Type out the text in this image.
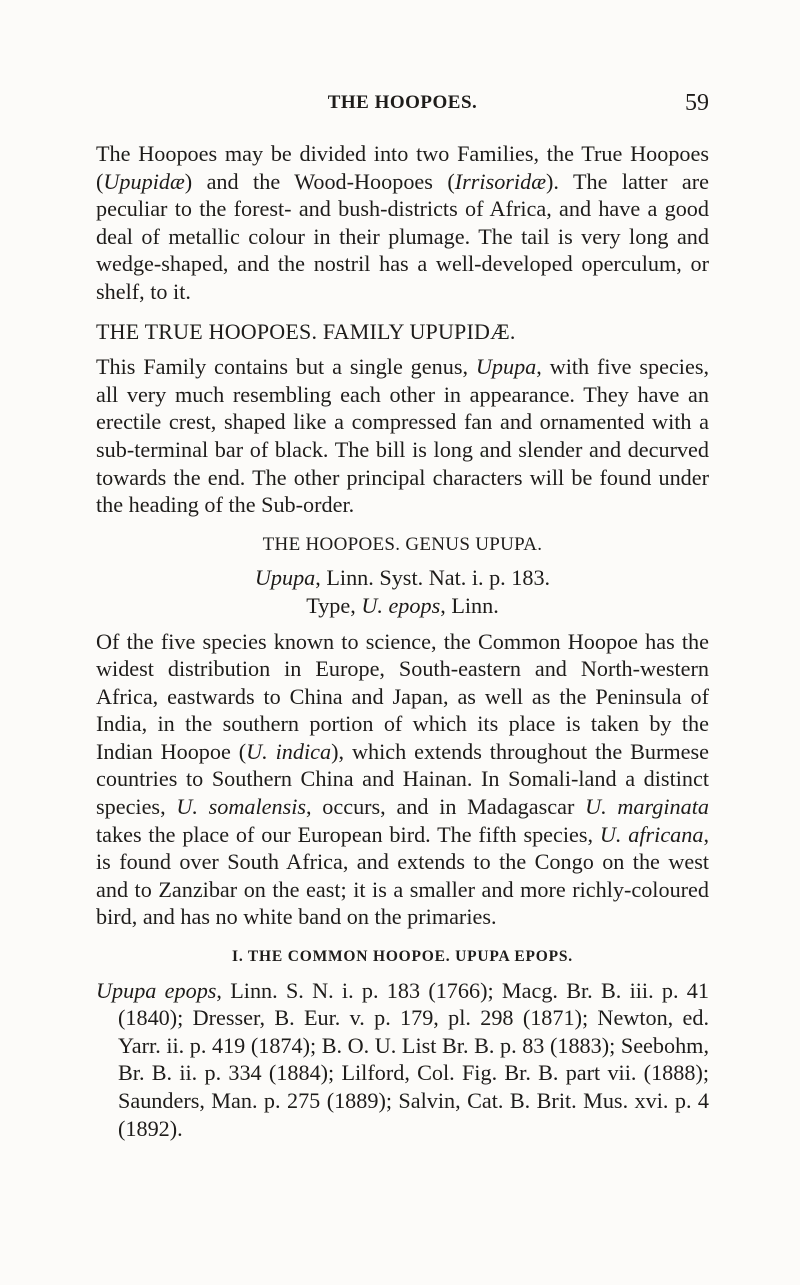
THE HOOPOES.	59

The Hoopoes may be divided into two Families, the True Hoopoes (Upupidæ) and the Wood-Hoopoes (Irrisoridæ). The latter are peculiar to the forest- and bush-districts of Africa, and have a good deal of metallic colour in their plumage. The tail is very long and wedge-shaped, and the nostril has a well-developed operculum, or shelf, to it.

THE TRUE HOOPOES. FAMILY UPUPIDÆ.

This Family contains but a single genus, Upupa, with five species, all very much resembling each other in appearance. They have an erectile crest, shaped like a compressed fan and ornamented with a sub-terminal bar of black. The bill is long and slender and decurved towards the end. The other principal characters will be found under the heading of the Sub-order.

THE HOOPOES. GENUS UPUPA.
Upupa, Linn. Syst. Nat. i. p. 183.
Type, U. epops, Linn.

Of the five species known to science, the Common Hoopoe has the widest distribution in Europe, South-eastern and North-western Africa, eastwards to China and Japan, as well as the Peninsula of India, in the southern portion of which its place is taken by the Indian Hoopoe (U. indica), which extends throughout the Burmese countries to Southern China and Hainan. In Somali-land a distinct species, U. somalensis, occurs, and in Madagascar U. marginata takes the place of our European bird. The fifth species, U. africana, is found over South Africa, and extends to the Congo on the west and to Zanzibar on the east; it is a smaller and more richly-coloured bird, and has no white band on the primaries.

I. THE COMMON HOOPOE. UPUPA EPOPS.

Upupa epops, Linn. S. N. i. p. 183 (1766); Macg. Br. B. iii. p. 41 (1840); Dresser, B. Eur. v. p. 179, pl. 298 (1871); Newton, ed. Yarr. ii. p. 419 (1874); B. O. U. List Br. B. p. 83 (1883); Seebohm, Br. B. ii. p. 334 (1884); Lilford, Col. Fig. Br. B. part vii. (1888); Saunders, Man. p. 275 (1889); Salvin, Cat. B. Brit. Mus. xvi. p. 4 (1892).
